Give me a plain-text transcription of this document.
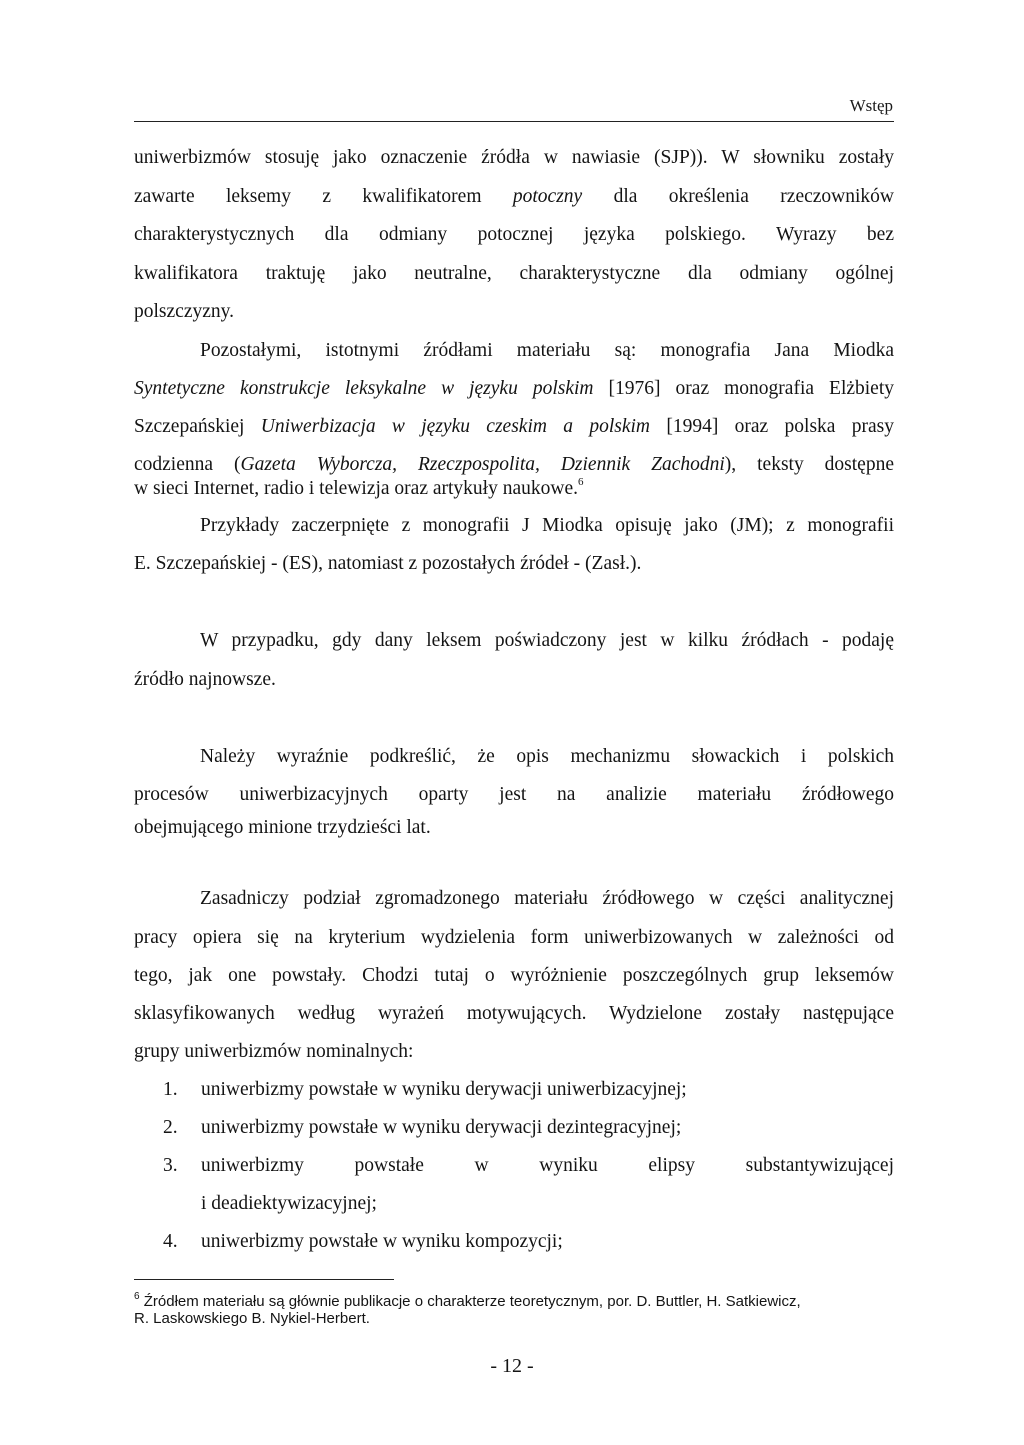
Wstęp
uniwerbizmów stosuję jako oznaczenie źródła w nawiasie (SJP)). W słowniku zostały
zawarte leksemy z kwalifikatorem potoczny dla określenia rzeczowników
charakterystycznych dla odmiany potocznej języka polskiego. Wyrazy bez
kwalifikatora traktuję jako neutralne, charakterystyczne dla odmiany ogólnej
polszczyzny.
Pozostałymi, istotnymi źródłami materiału są: monografia Jana Miodka
Syntetyczne konstrukcje leksykalne w języku polskim [1976] oraz monografia Elżbiety
Szczepańskiej Uniwerbizacja w języku czeskim a polskim [1994] oraz polska prasy
codzienna (Gazeta Wyborcza, Rzeczpospolita, Dziennik Zachodni), teksty dostępne
w sieci Internet, radio i telewizja oraz artykuły naukowe.$^6$
Przykłady zaczerpnięte z monografii J Miodka opisuję jako (JM); z monografii
E. Szczepańskiej - (ES), natomiast z pozostałych źródeł - (Zasł.).
W przypadku, gdy dany leksem poświadczony jest w kilku źródłach - podaję
źródło najnowsze.
Należy wyraźnie podkreślić, że opis mechanizmu słowackich i polskich
procesów uniwerbizacyjnych oparty jest na analizie materiału źródłowego
obejmującego minione trzydzieści lat.
Zasadniczy podział zgromadzonego materiału źródłowego w części analitycznej
pracy opiera się na kryterium wydzielenia form uniwerbizowanych w zależności od
tego, jak one powstały. Chodzi tutaj o wyróżnienie poszczególnych grup leksemów
sklasyfikowanych według wyrażeń motywujących. Wydzielone zostały następujące
grupy uniwerbizmów nominalnych:
1. uniwerbizmy powstałe w wyniku derywacji uniwerbizacyjnej;
2. uniwerbizmy powstałe w wyniku derywacji dezintegracyjnej;
3. uniwerbizmy powstałe w wyniku elipsy substantywizującej
i deadiektywizacyjnej;
4. uniwerbizmy powstałe w wyniku kompozycji;
$^6$ Źródłem materiału są głównie publikacje o charakterze teoretycznym, por. D. Buttler, H. Satkiewicz,
R. Laskowskiego B. Nykiel-Herbert.
- 12 -
